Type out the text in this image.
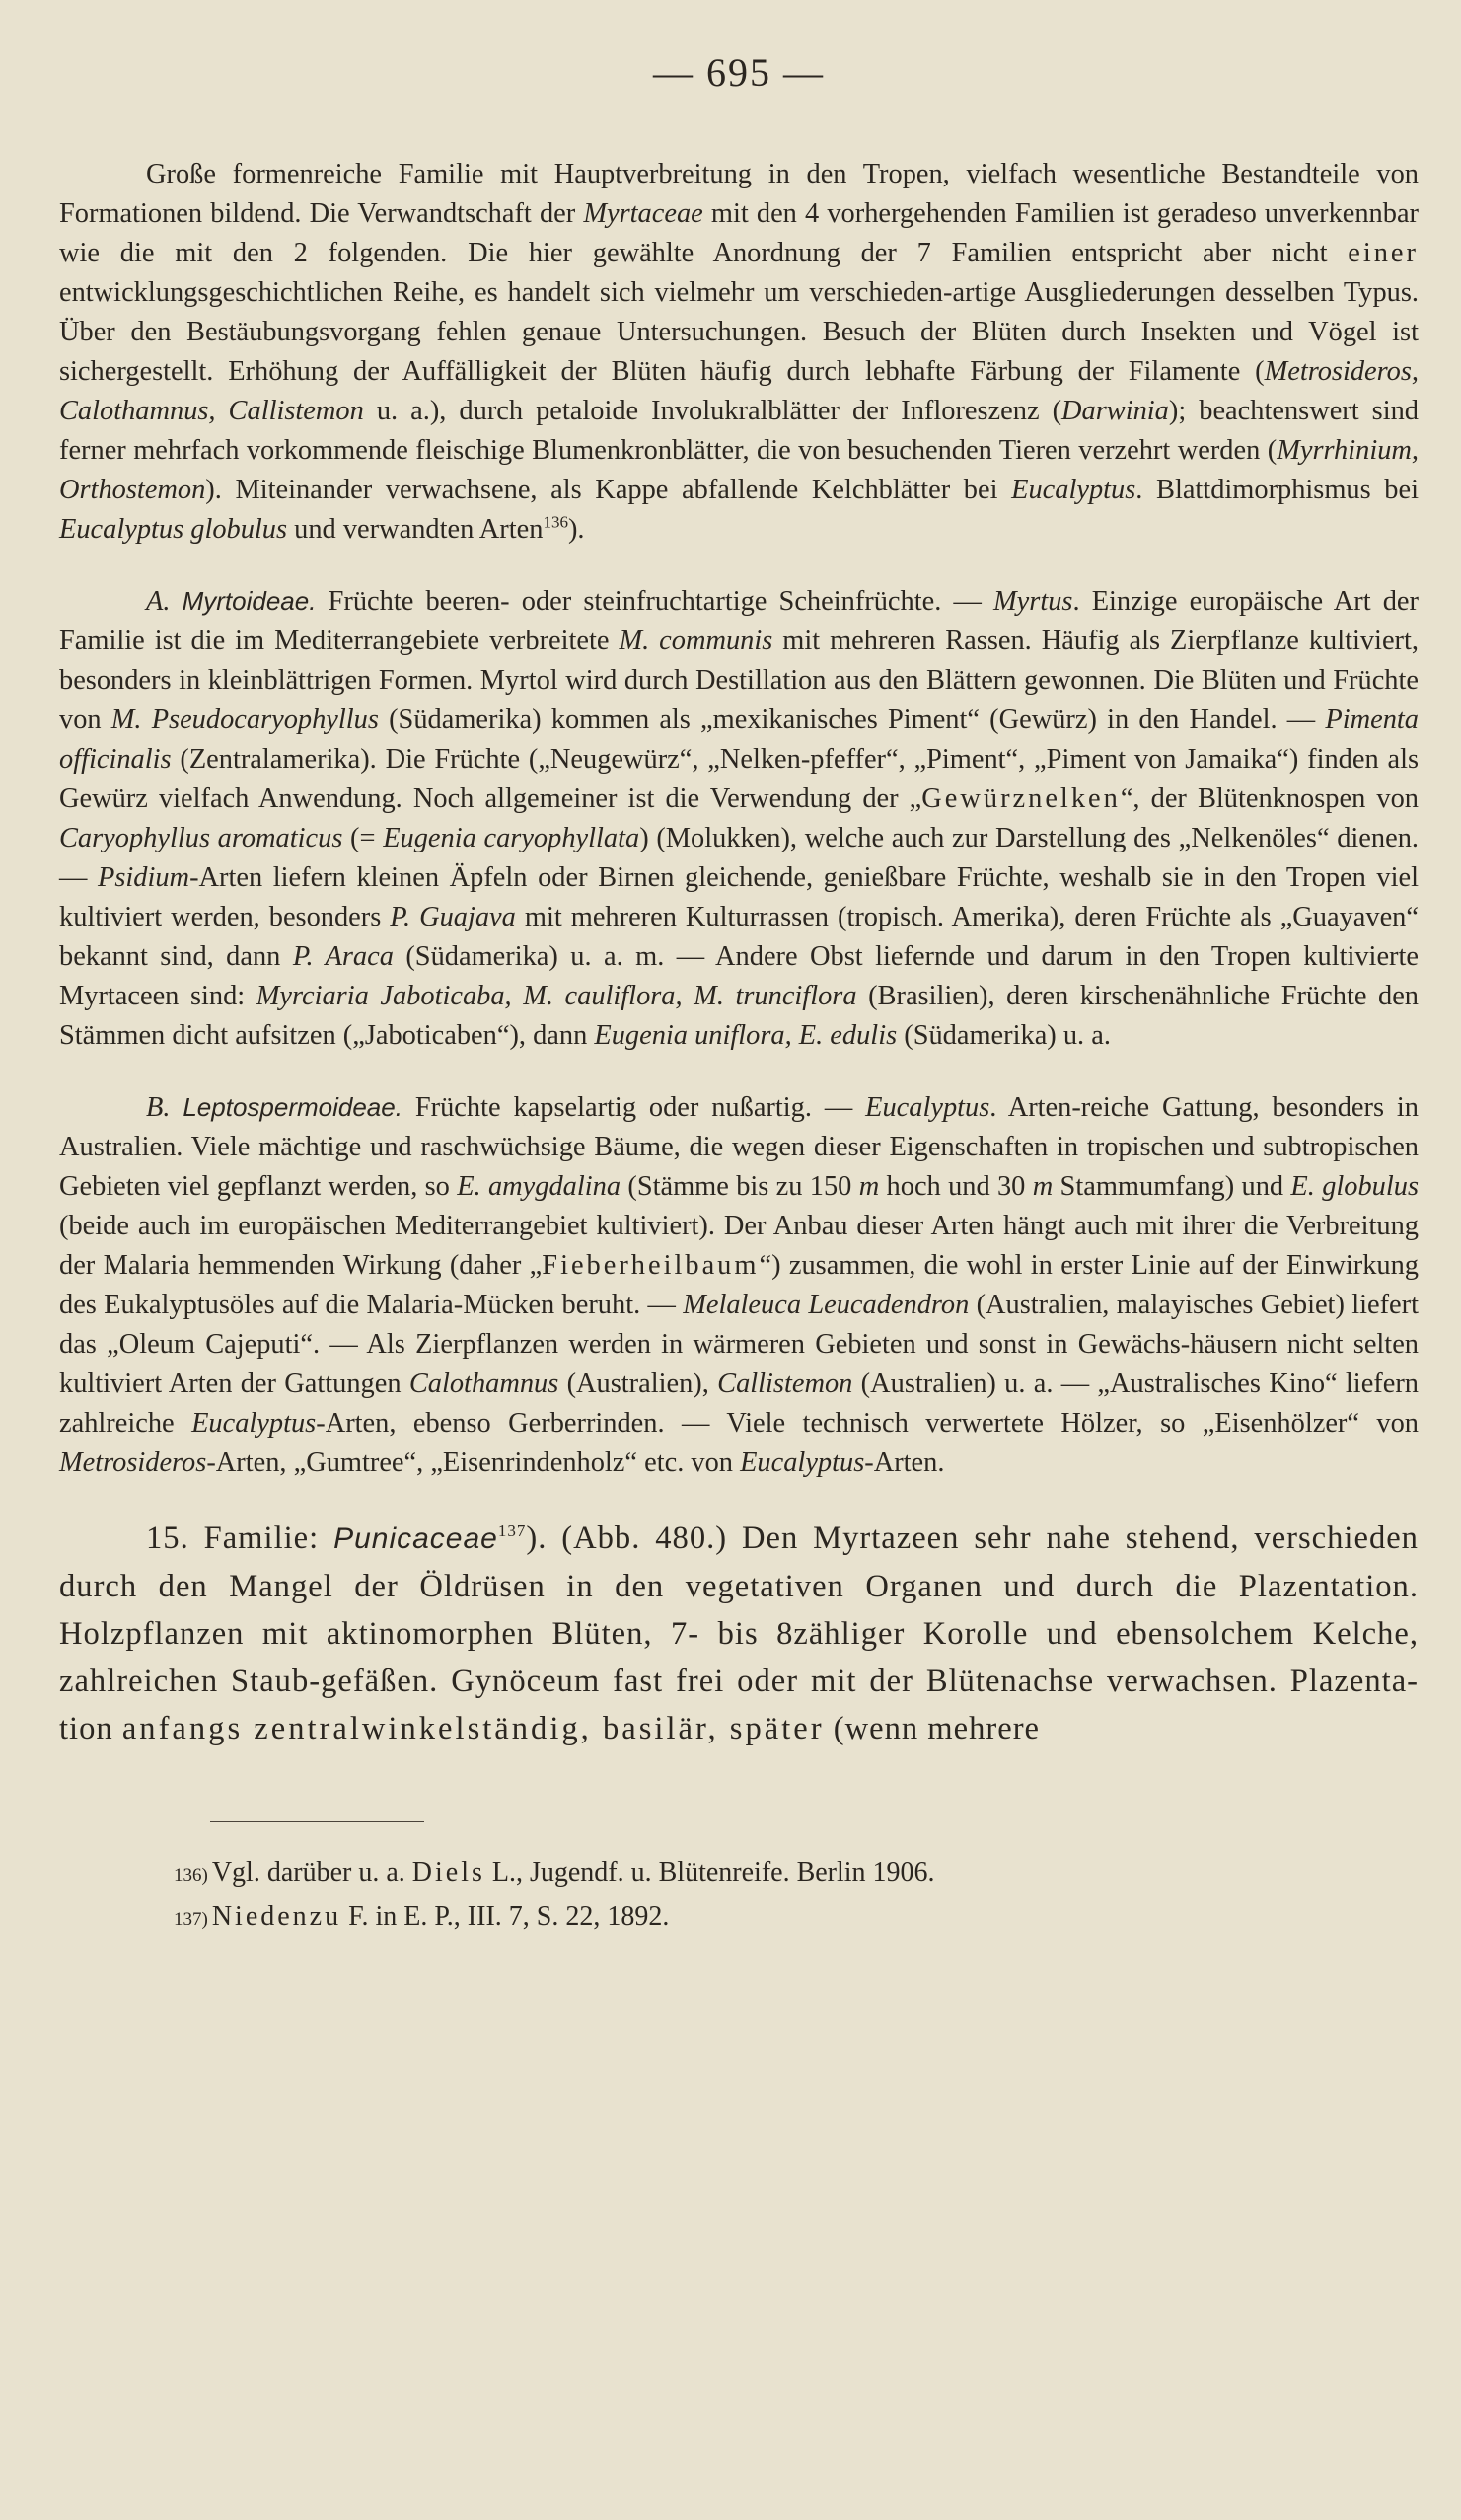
— 695 —

Große formenreiche Familie mit Hauptverbreitung in den Tropen, vielfach wesentliche Bestandteile von Formationen bildend. Die Verwandtschaft der Myrtaceae mit den 4 vorhergehenden Familien ist geradeso unverkennbar wie die mit den 2 folgenden. Die hier gewählte Anordnung der 7 Familien entspricht aber nicht einer entwicklungsgeschichtlichen Reihe, es handelt sich vielmehr um verschieden-artige Ausgliederungen desselben Typus. Über den Bestäubungsvorgang fehlen genaue Untersuchungen. Besuch der Blüten durch Insekten und Vögel ist sichergestellt. Erhöhung der Auffälligkeit der Blüten häufig durch lebhafte Färbung der Filamente (Metrosideros, Calothamnus, Callistemon u. a.), durch petaloide Involukralblätter der Infloreszenz (Darwinia); beachtenswert sind ferner mehrfach vorkommende fleischige Blumenkronblätter, die von besuchenden Tieren verzehrt werden (Myrrhinium, Orthostemon). Miteinander verwachsene, als Kappe abfallende Kelchblätter bei Eucalyptus. Blattdimorphismus bei Eucalyptus globulus und verwandten Arten$^{136}$).

A. Myrtoideae. Früchte beeren- oder steinfruchtartige Scheinfrüchte. — Myrtus. Einzige europäische Art der Familie ist die im Mediterrangebiete verbreitete M. communis mit mehreren Rassen. Häufig als Zierpflanze kultiviert, besonders in kleinblättrigen Formen. Myrtol wird durch Destillation aus den Blättern gewonnen. Die Blüten und Früchte von M. Pseudocaryophyllus (Südamerika) kommen als „mexikanisches Piment“ (Gewürz) in den Handel. — Pimenta officinalis (Zentralamerika). Die Früchte („Neugewürz“, „Nelken-pfeffer“, „Piment“, „Piment von Jamaika“) finden als Gewürz vielfach Anwendung. Noch allgemeiner ist die Verwendung der „Gewürznelken“, der Blütenknospen von Caryophyllus aromaticus (= Eugenia caryophyllata) (Molukken), welche auch zur Darstellung des „Nelkenöles“ dienen. — Psidium-Arten liefern kleinen Äpfeln oder Birnen gleichende, genießbare Früchte, weshalb sie in den Tropen viel kultiviert werden, besonders P. Guajava mit mehreren Kulturrassen (tropisch. Amerika), deren Früchte als „Guayaven“ bekannt sind, dann P. Araca (Südamerika) u. a. m. — Andere Obst liefernde und darum in den Tropen kultivierte Myrtaceen sind: Myrciaria Jaboticaba, M. cauliflora, M. trunciflora (Brasilien), deren kirschenähnliche Früchte den Stämmen dicht aufsitzen („Jaboticaben“), dann Eugenia uniflora, E. edulis (Südamerika) u. a.

B. Leptospermoideae. Früchte kapselartig oder nußartig. — Eucalyptus. Arten-reiche Gattung, besonders in Australien. Viele mächtige und raschwüchsige Bäume, die wegen dieser Eigenschaften in tropischen und subtropischen Gebieten viel gepflanzt werden, so E. amygdalina (Stämme bis zu 150 m hoch und 30 m Stammumfang) und E. globulus (beide auch im europäischen Mediterrangebiet kultiviert). Der Anbau dieser Arten hängt auch mit ihrer die Verbreitung der Malaria hemmenden Wirkung (daher „Fieberheilbaum“) zusammen, die wohl in erster Linie auf der Einwirkung des Eukalyptusöles auf die Malaria-Mücken beruht. — Melaleuca Leucadendron (Australien, malayisches Gebiet) liefert das „Oleum Cajeputi“. — Als Zierpflanzen werden in wärmeren Gebieten und sonst in Gewächs-häusern nicht selten kultiviert Arten der Gattungen Calothamnus (Australien), Callistemon (Australien) u. a. — „Australisches Kino“ liefern zahlreiche Eucalyptus-Arten, ebenso Gerberrinden. — Viele technisch verwertete Hölzer, so „Eisenhölzer“ von Metrosideros-Arten, „Gumtree“, „Eisenrindenholz“ etc. von Eucalyptus-Arten.

15. Familie: Punicaceae$^{137}$). (Abb. 480.) Den Myrtazeen sehr nahe stehend, verschieden durch den Mangel der Öldrüsen in den vegetativen Organen und durch die Plazentation. Holzpflanzen mit aktinomorphen Blüten, 7- bis 8zähliger Korolle und ebensolchem Kelche, zahlreichen Staub-gefäßen. Gynöceum fast frei oder mit der Blütenachse verwachsen. Plazenta-tion anfangs zentralwinkelständig, basilär, später (wenn mehrere

136) Vgl. darüber u. a. Diels L., Jugendf. u. Blütenreife. Berlin 1906.
137) Niedenzu F. in E. P., III. 7, S. 22, 1892.
